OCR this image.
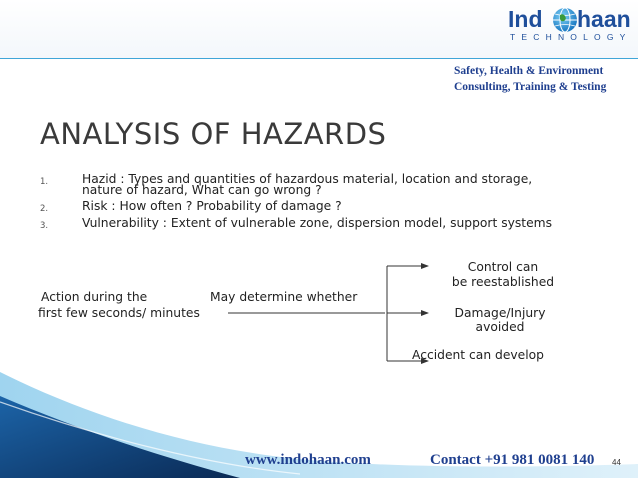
Ind haan
TECHNOLOGY
Safety, Health & Environment
Consulting, Training & Testing
ANALYSIS OF HAZARDS
1.	Hazid : Types and quantities of hazardous material, location and storage,
nature of hazard, What can go wrong ?
2.	Risk : How often ? Probability of damage ?
3.	Vulnerability : Extent of vulnerable zone, dispersion model, support systems
Action during the
first few seconds/ minutes
May determine whether
Control can
be reestablished
Damage/Injury
avoided
Accident can develop
www.indohaan.com	Contact +91 981 0081 140 44
